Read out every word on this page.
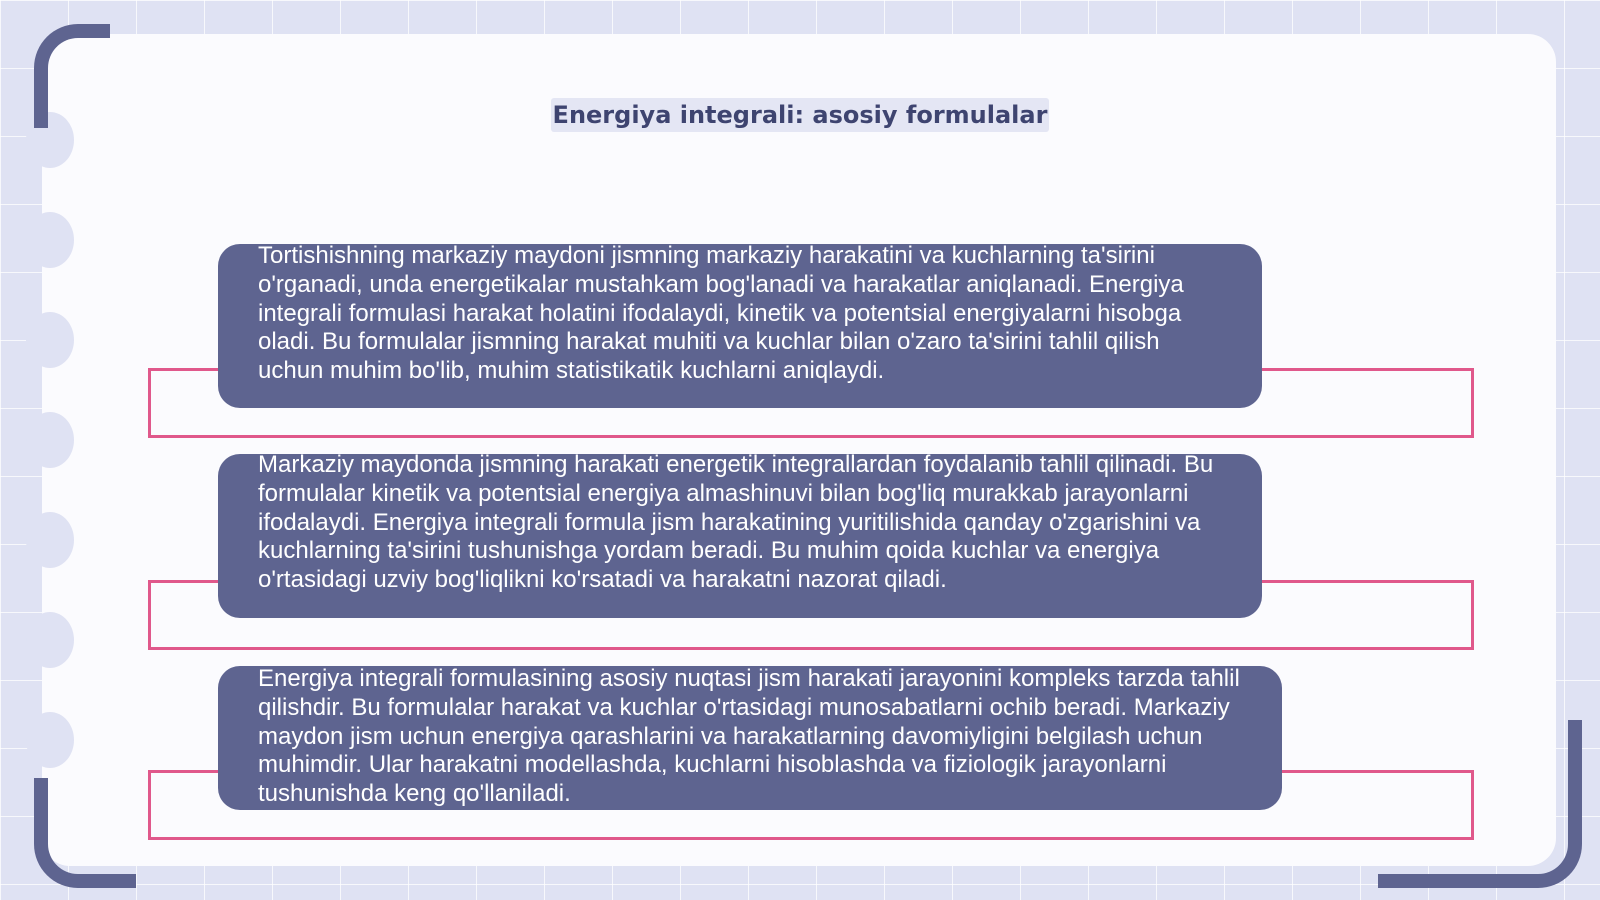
Energiya integrali: asosiy formulalar

Tortishishning markaziy maydoni jismning markaziy harakatini va kuchlarning ta'sirini o'rganadi, unda energetikalar mustahkam bog'lanadi va harakatlar aniqlanadi. Energiya integrali formulasi harakat holatini ifodalaydi, kinetik va potentsial energiyalarni hisobga oladi. Bu formulalar jismning harakat muhiti va kuchlar bilan o'zaro ta'sirini tahlil qilish uchun muhim bo'lib, muhim statistikatik kuchlarni aniqlaydi.

Markaziy maydonda jismning harakati energetik integrallardan foydalanib tahlil qilinadi. Bu formulalar kinetik va potentsial energiya almashinuvi bilan bog'liq murakkab jarayonlarni ifodalaydi. Energiya integrali formula jism harakatining yuritilishida qanday o'zgarishini va kuchlarning ta'sirini tushunishga yordam beradi. Bu muhim qoida kuchlar va energiya o'rtasidagi uzviy bog'liqlikni ko'rsatadi va harakatni nazorat qiladi.

Energiya integrali formulasining asosiy nuqtasi jism harakati jarayonini kompleks tarzda tahlil qilishdir. Bu formulalar harakat va kuchlar o'rtasidagi munosabatlarni ochib beradi. Markaziy maydon jism uchun energiya qarashlarini va harakatlarning davomiyligini belgilash uchun muhimdir. Ular harakatni modellashda, kuchlarni hisoblashda va fiziologik jarayonlarni tushunishda keng qo'llaniladi.
